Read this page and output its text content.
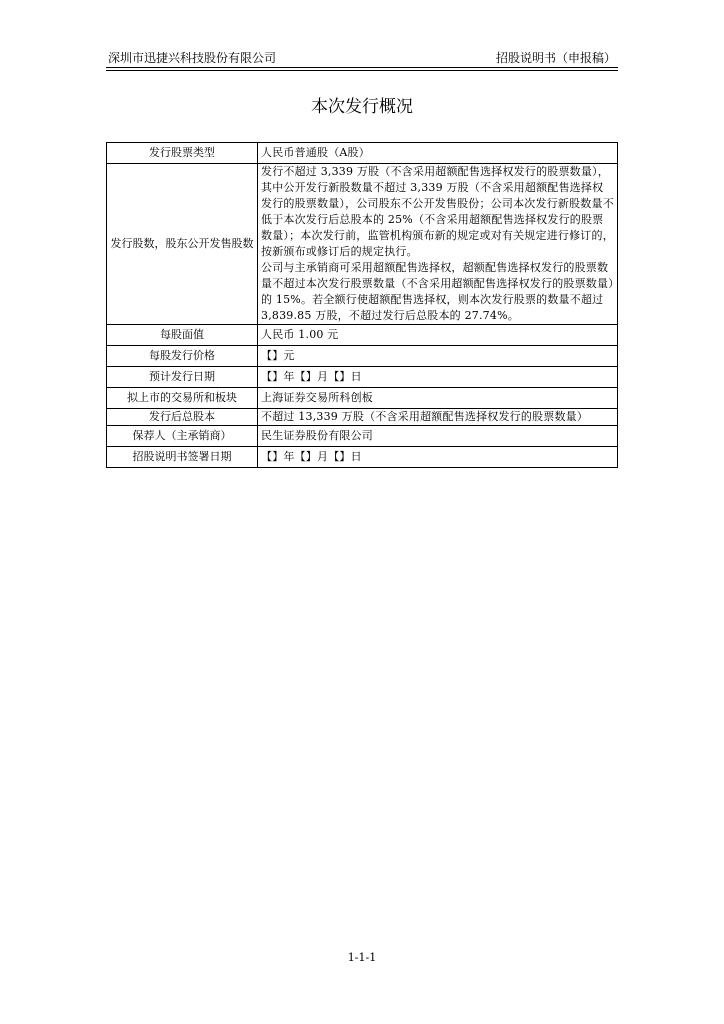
深圳市迅捷兴科技股份有限公司	招股说明书（申报稿）
本次发行概况
发行股票类型	人民币普通股（A股）
发行股数，股东公开发售股数	发行不超过 3,339 万股（不含采用超额配售选择权发行的股票数量），其中公开发行新股数量不超过 3,339 万股（不含采用超额配售选择权发行的股票数量），公司股东不公开发售股份；公司本次发行新股数量不低于本次发行后总股本的 25%（不含采用超额配售选择权发行的股票数量）；本次发行前，监管机构颁布新的规定或对有关规定进行修订的，按新颁布或修订后的规定执行。
公司与主承销商可采用超额配售选择权，超额配售选择权发行的股票数量不超过本次发行股票数量（不含采用超额配售选择权发行的股票数量）的 15%。若全额行使超额配售选择权，则本次发行股票的数量不超过 3,839.85 万股，不超过发行后总股本的 27.74%。

每股面值	人民币 1.00 元
每股发行价格	【】元
预计发行日期	【】年【】月【】日
拟上市的交易所和板块	上海证券交易所科创板
发行后总股本	不超过 13,339 万股（不含采用超额配售选择权发行的股票数量）
保荐人（主承销商）	民生证券股份有限公司
招股说明书签署日期	【】年【】月【】日
1-1-1
